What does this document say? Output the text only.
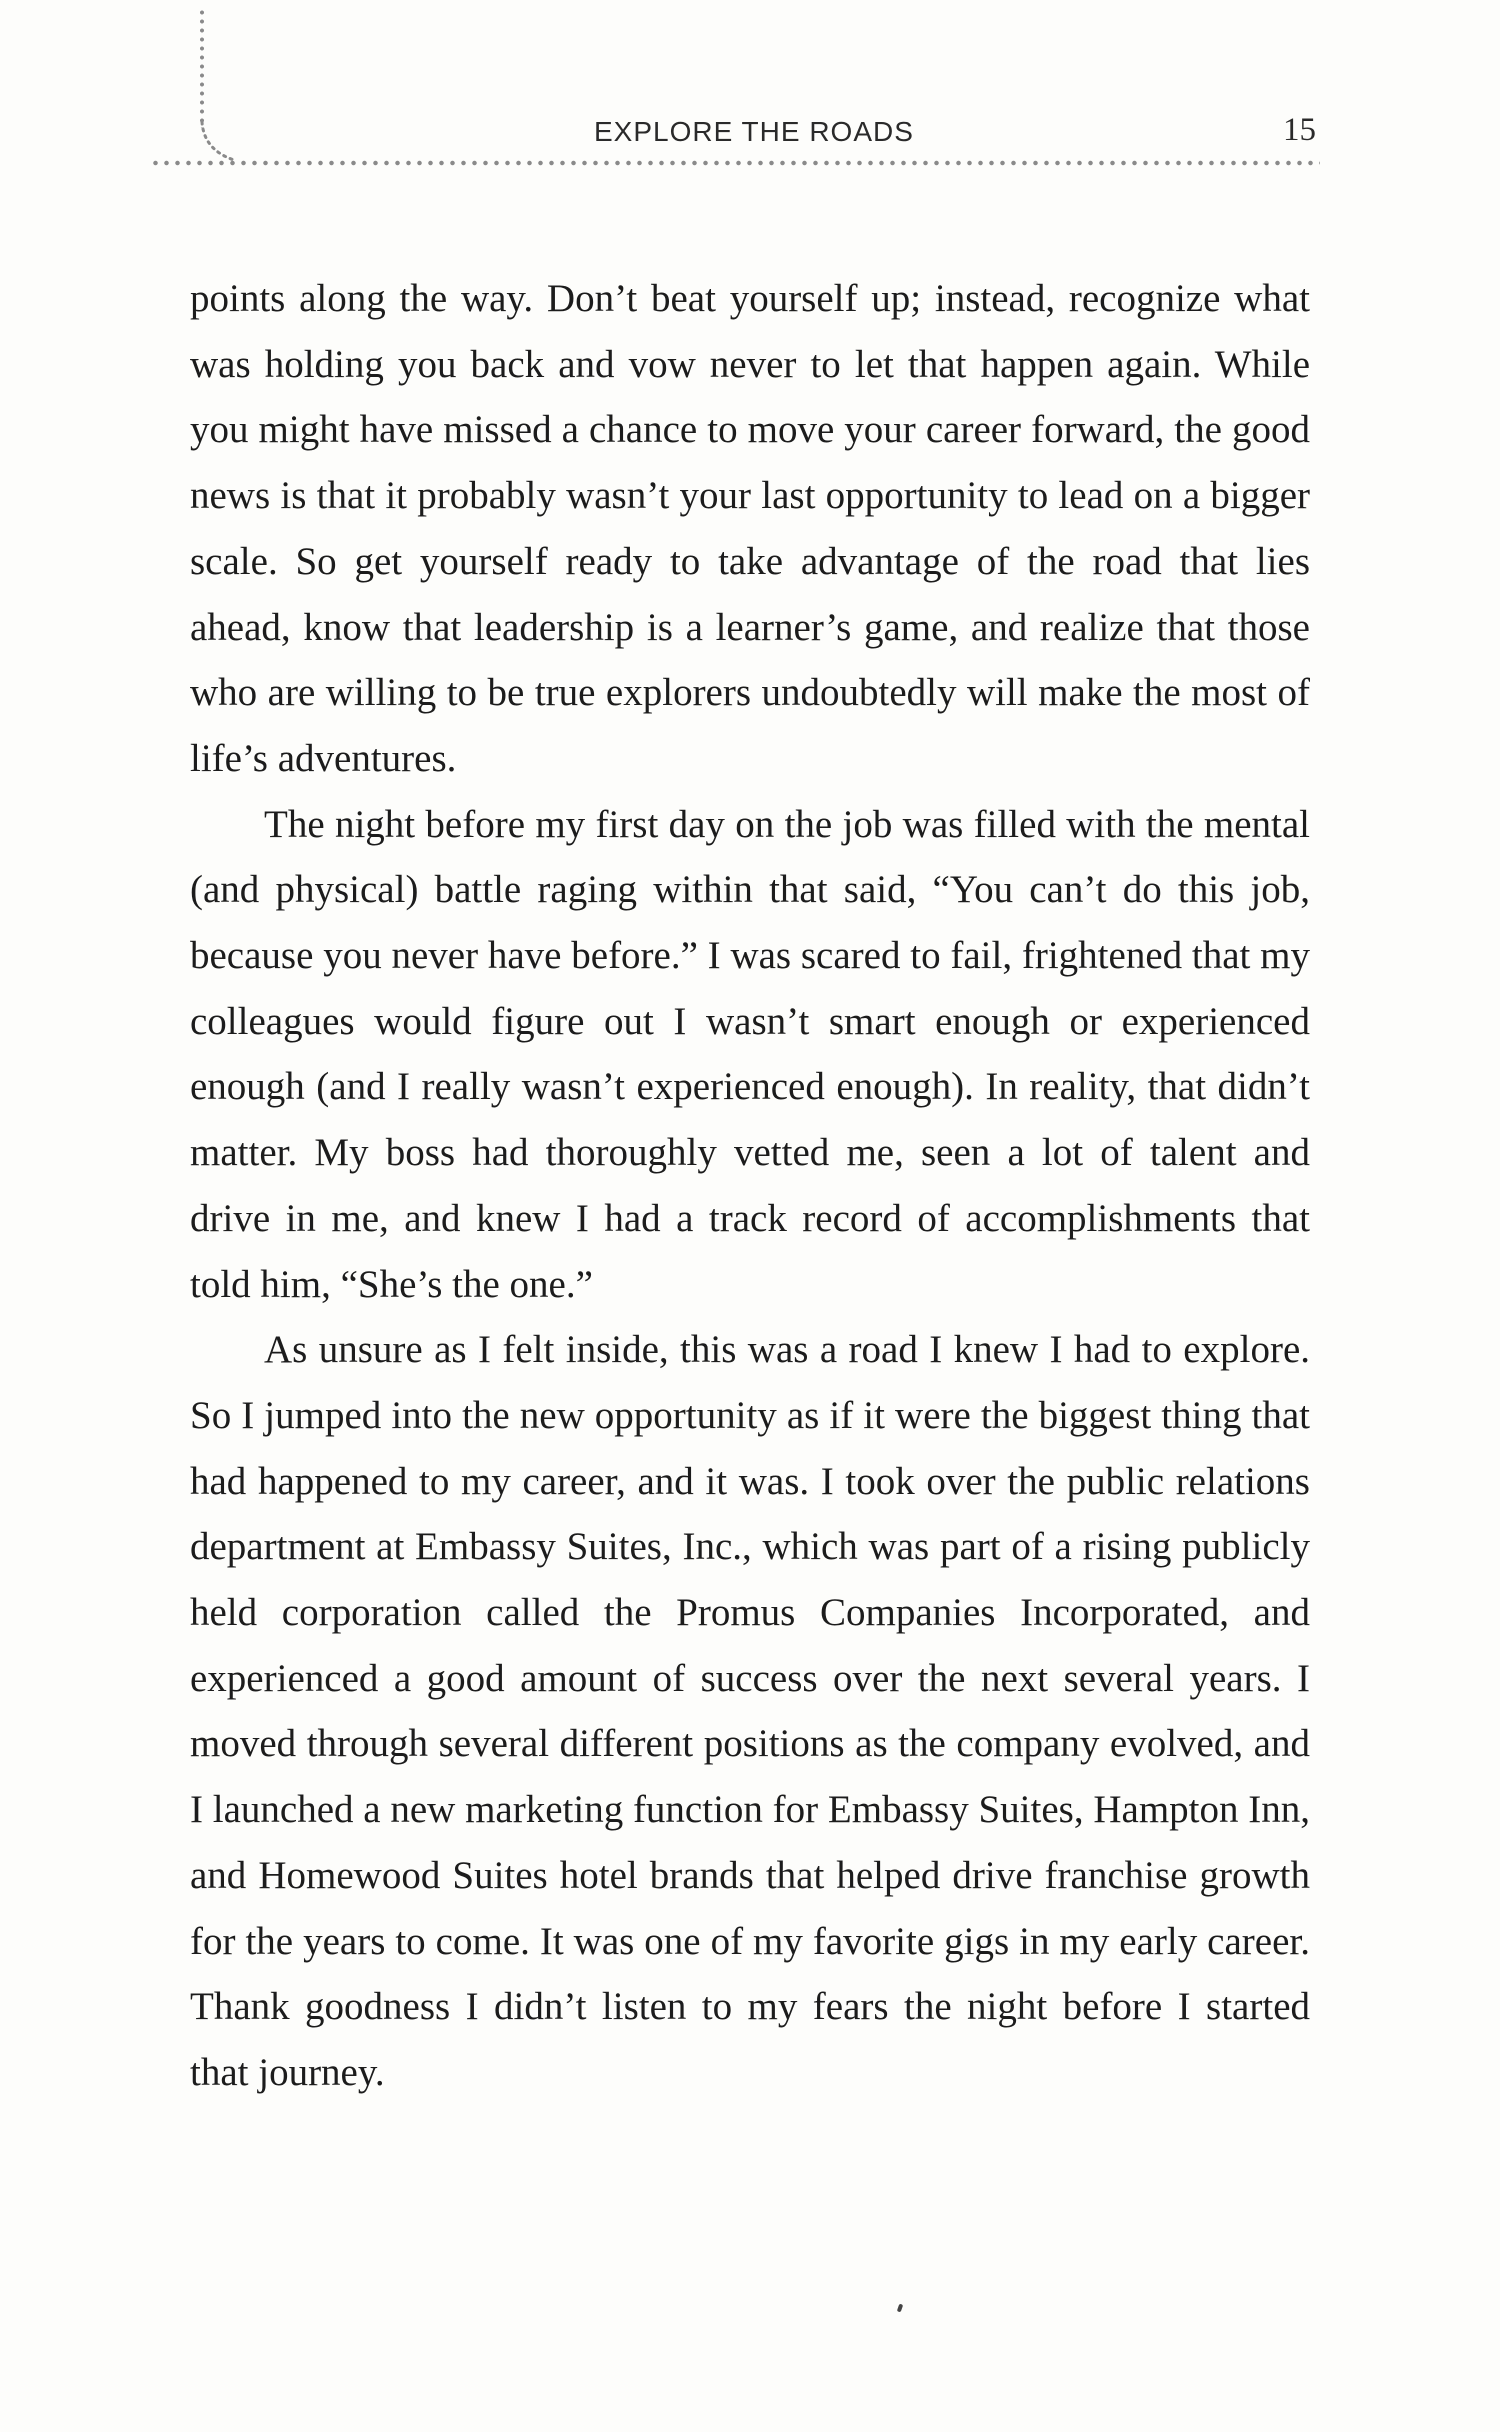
EXPLORE THE ROADS	15

points along the way. Don’t beat yourself up; instead, recognize what was holding you back and vow never to let that happen again. While you might have missed a chance to move your career forward, the good news is that it probably wasn’t your last opportunity to lead on a bigger scale. So get yourself ready to take advantage of the road that lies ahead, know that leadership is a learner’s game, and realize that those who are willing to be true explorers undoubtedly will make the most of life’s adventures.

The night before my first day on the job was filled with the mental (and physical) battle raging within that said, “You can’t do this job, because you never have before.” I was scared to fail, frightened that my colleagues would figure out I wasn’t smart enough or experienced enough (and I really wasn’t experienced enough). In reality, that didn’t matter. My boss had thoroughly vetted me, seen a lot of talent and drive in me, and knew I had a track record of accomplishments that told him, “She’s the one.”

As unsure as I felt inside, this was a road I knew I had to explore. So I jumped into the new opportunity as if it were the biggest thing that had happened to my career, and it was. I took over the public relations department at Embassy Suites, Inc., which was part of a rising publicly held corporation called the Promus Companies Incorporated, and experienced a good amount of success over the next several years. I moved through several different positions as the company evolved, and I launched a new marketing function for Embassy Suites, Hampton Inn, and Homewood Suites hotel brands that helped drive franchise growth for the years to come. It was one of my favorite gigs in my early career. Thank goodness I didn’t listen to my fears the night before I started that journey.
